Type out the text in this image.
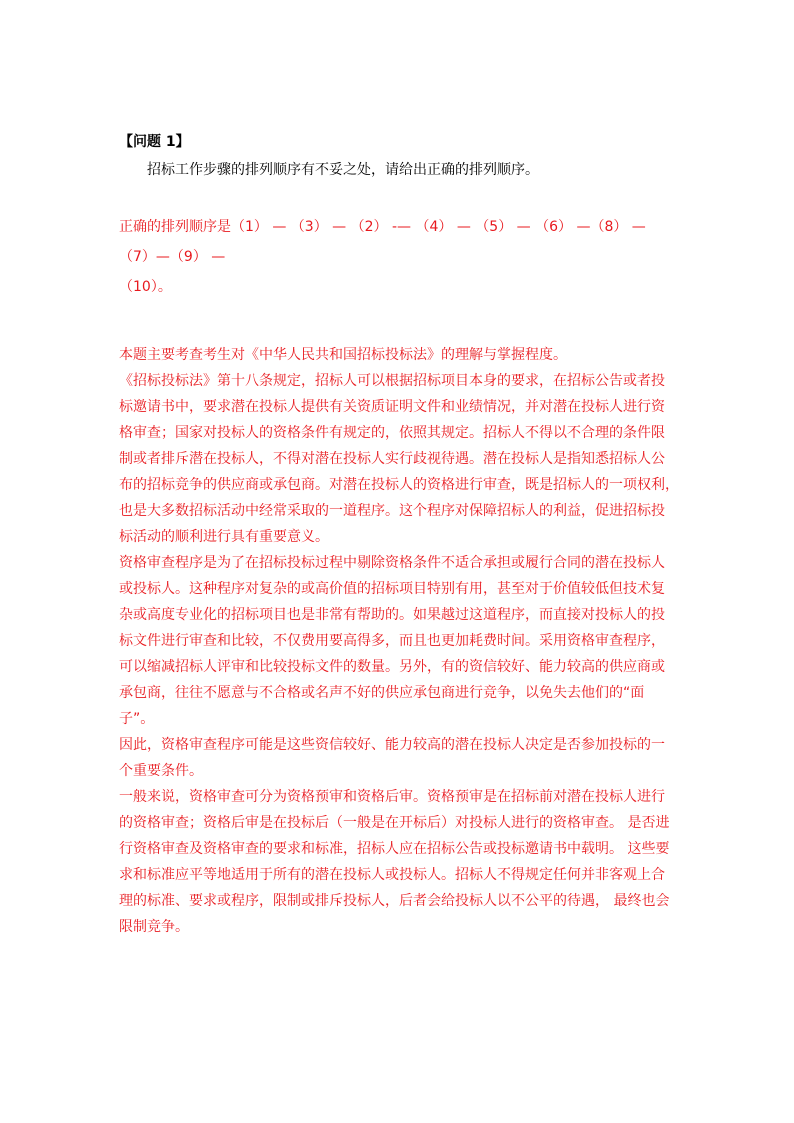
【问题 1】

招标工作步骤的排列顺序有不妥之处，请给出正确的排列顺序。

正确的排列顺序是（1） — （3） — （2） -— （4） — （5） — （6） —（8） — （7）—（9） —
（10）。

本题主要考查考生对《中华人民共和国招标投标法》的理解与掌握程度。

《招标投标法》第十八条规定，招标人可以根据招标项目本身的要求，在招标公告或者投
标邀请书中，要求潜在投标人提供有关资质证明文件和业绩情况，并对潜在投标人进行资
格审查；国家对投标人的资格条件有规定的，依照其规定。招标人不得以不合理的条件限
制或者排斥潜在投标人，不得对潜在投标人实行歧视待遇。潜在投标人是指知悉招标人公
布的招标竞争的供应商或承包商。对潜在投标人的资格进行审查，既是招标人的一项权利，
也是大多数招标活动中经常采取的一道程序。这个程序对保障招标人的利益，促进招标投
标活动的顺利进行具有重要意义。

资格审查程序是为了在招标投标过程中剔除资格条件不适合承担或履行合同的潜在投标人
或投标人。这种程序对复杂的或高价值的招标项目特别有用，甚至对于价值较低但技术复
杂或高度专业化的招标项目也是非常有帮助的。如果越过这道程序，而直接对投标人的投
标文件进行审查和比较，不仅费用要高得多，而且也更加耗费时间。采用资格审查程序，
可以缩减招标人评审和比较投标文件的数量。另外，有的资信较好、能力较高的供应商或
承包商，往往不愿意与不合格或名声不好的供应承包商进行竞争，以免失去他们的“面子”。
因此，资格审查程序可能是这些资信较好、能力较高的潜在投标人决定是否参加投标的一
个重要条件。

一般来说，资格审查可分为资格预审和资格后审。资格预审是在招标前对潜在投标人进行
的资格审查；资格后审是在投标后（一般是在开标后）对投标人进行的资格审查。 是否进
行资格审查及资格审查的要求和标准，招标人应在招标公告或投标邀请书中载明。 这些要
求和标准应平等地适用于所有的潜在投标人或投标人。招标人不得规定任何并非客观上合
理的标准、要求或程序，限制或排斥投标人，后者会给投标人以不公平的待遇， 最终也会
限制竞争。
